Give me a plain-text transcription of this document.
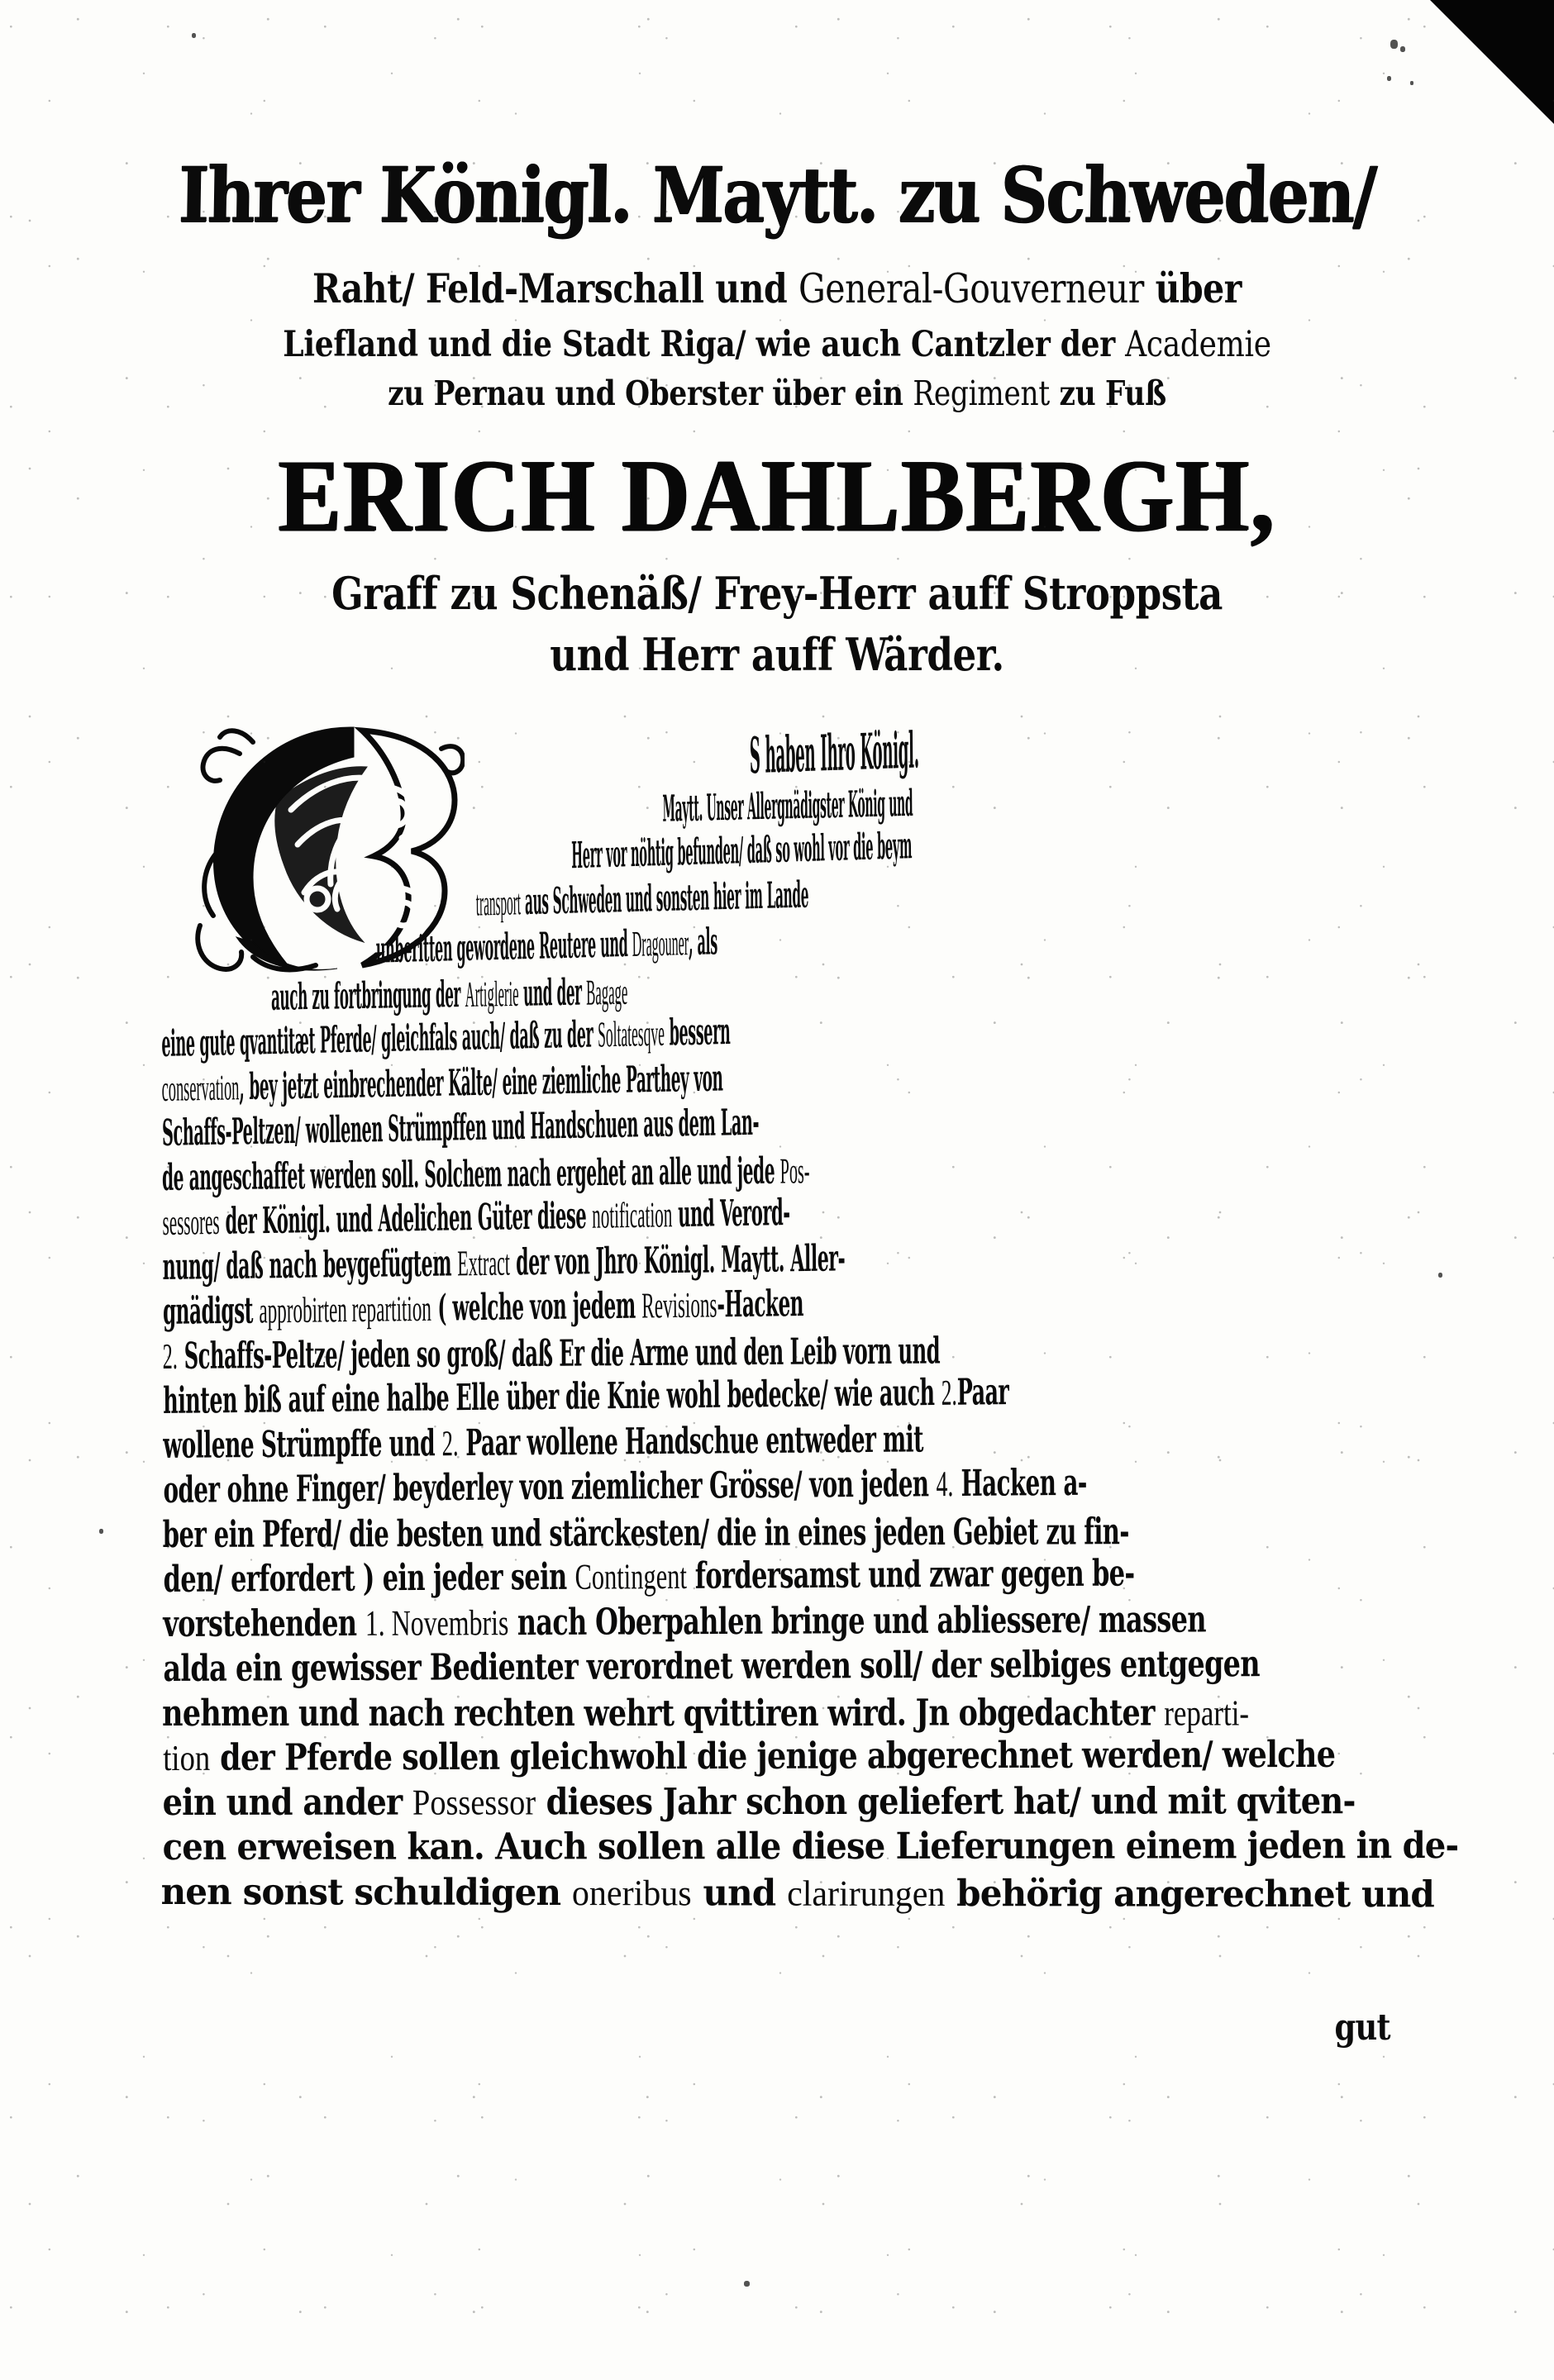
Ihrer Königl. Maytt. zu Schweden/
Raht/ Feld-Marschall und General-Gouverneur über
Liefland und die Stadt Riga/ wie auch Cantzler der Academie
zu Pernau und Oberster über ein Regiment zu Fuß
ERICH DAHLBERGH,
Graff zu Schenäß/ Frey-Herr auff Stroppsta
und Herr auff Wärder.
S haben Ihro Königl.
Maytt. Unser Allergnädigster König und
Herr vor nöhtig befunden/ daß so wohl vor die beym
transport aus Schweden und sonsten hier im Lande
unberitten gewordene Reutere und Dragouner, als
auch zu fortbringung der Artiglerie und der Bagage
eine gute qvantitæt Pferde/ gleichfals auch/ daß zu der Soltatesqve bessern
conservation, bey jetzt einbrechender Kälte/ eine ziemliche Parthey von
Schaffs-Peltzen/ wollenen Strümpffen und Handschuen aus dem Lan-
de angeschaffet werden soll. Solchem nach ergehet an alle und jede Pos-
sessores der Königl. und Adelichen Güter diese notification und Verord-
nung/ daß nach beygefügtem Extract der von Jhro Königl. Maytt. Aller-
gnädigst approbirten repartition ( welche von jedem Revisions-Hacken
2. Schaffs-Peltze/ jeden so groß/ daß Er die Arme und den Leib vorn und
hinten biß auf eine halbe Elle über die Knie wohl bedecke/ wie auch 2.Paar
wollene Strümpffe und 2. Paar wollene Handschue entweder mit
oder ohne Finger/ beyderley von ziemlicher Grösse/ von jeden 4. Hacken a-
ber ein Pferd/ die besten und stärckesten/ die in eines jeden Gebiet zu fin-
den/ erfordert ) ein jeder sein Contingent fordersamst und zwar gegen be-
vorstehenden 1. Novembris nach Oberpahlen bringe und abliessere/ massen
alda ein gewisser Bedienter verordnet werden soll/ der selbiges entgegen
nehmen und nach rechten wehrt qvittiren wird. Jn obgedachter reparti-
tion der Pferde sollen gleichwohl die jenige abgerechnet werden/ welche
ein und ander Possessor dieses Jahr schon geliefert hat/ und mit qviten-
cen erweisen kan. Auch sollen alle diese Lieferungen einem jeden in de-
nen sonst schuldigen oneribus und clarirungen behörig angerechnet und
gut
